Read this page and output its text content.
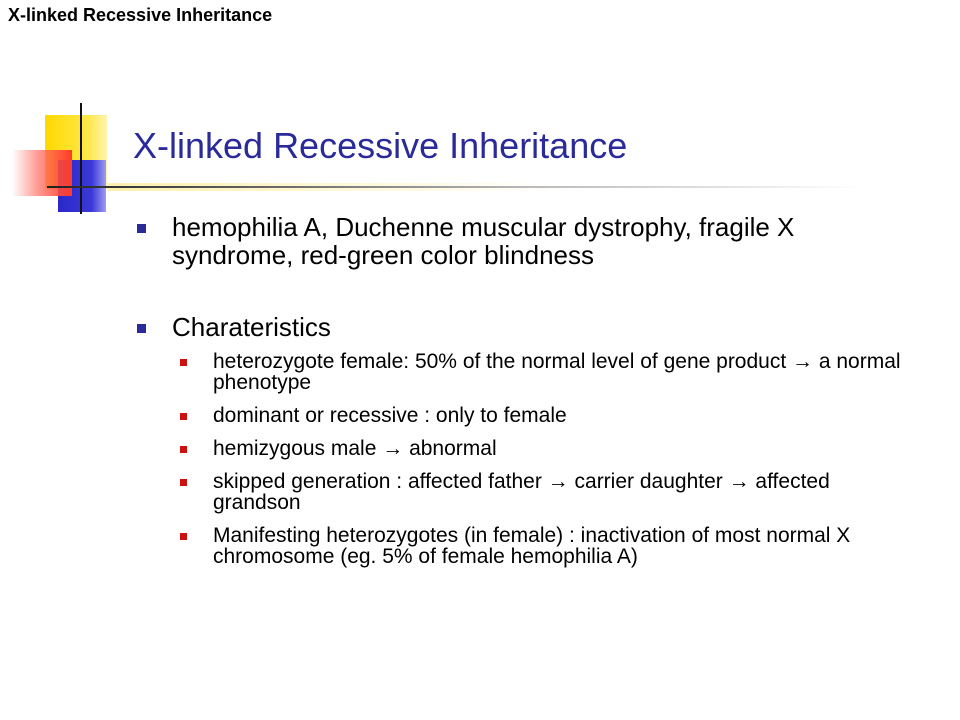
X-linked Recessive Inheritance
X-linked Recessive Inheritance
hemophilia A, Duchenne muscular dystrophy, fragile X syndrome, red-green color blindness
Charateristics
heterozygote female: 50% of the normal level of gene product → a normal phenotype
dominant or recessive : only to female
hemizygous male → abnormal
skipped generation : affected father → carrier daughter → affected grandson
Manifesting heterozygotes (in female) : inactivation of most normal X chromosome (eg. 5% of female hemophilia A)
